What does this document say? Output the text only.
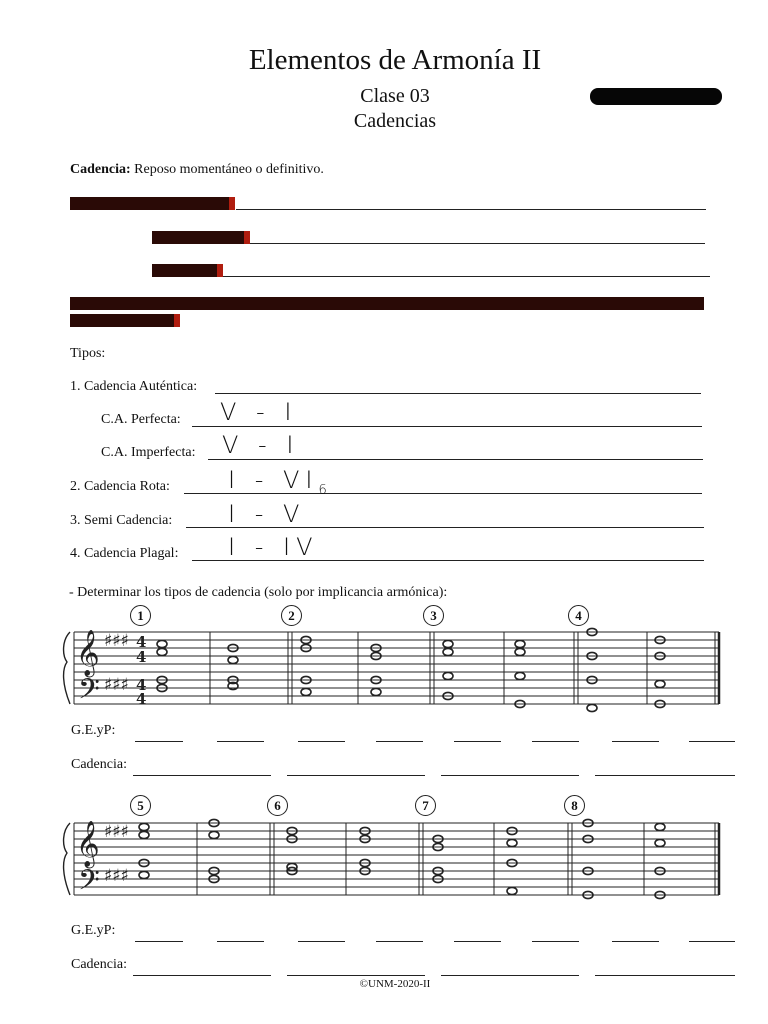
Elementos de Armonía II
Clase 03
Cadencias
Cadencia: Reposo momentáneo o definitivo.
Tipos:
1. Cadencia Auténtica:
C.A. Perfecta: V - I
C.A. Imperfecta: V - I
2. Cadencia Rota: I - $VI_6$
3. Semi Cadencia: I - V
4. Cadencia Plagal: I - IV
- Determinar los tipos de cadencia (solo por implicancia armónica):
𝄞
𝄢
♯♯♯
♯♯♯
4
4
4
4
1	2	3	4
G.E.yP:

Cadencia:

𝄞
𝄢
♯♯♯
♯♯♯
5	6	7	8
G.E.yP:

Cadencia:

©UNM-2020-II
